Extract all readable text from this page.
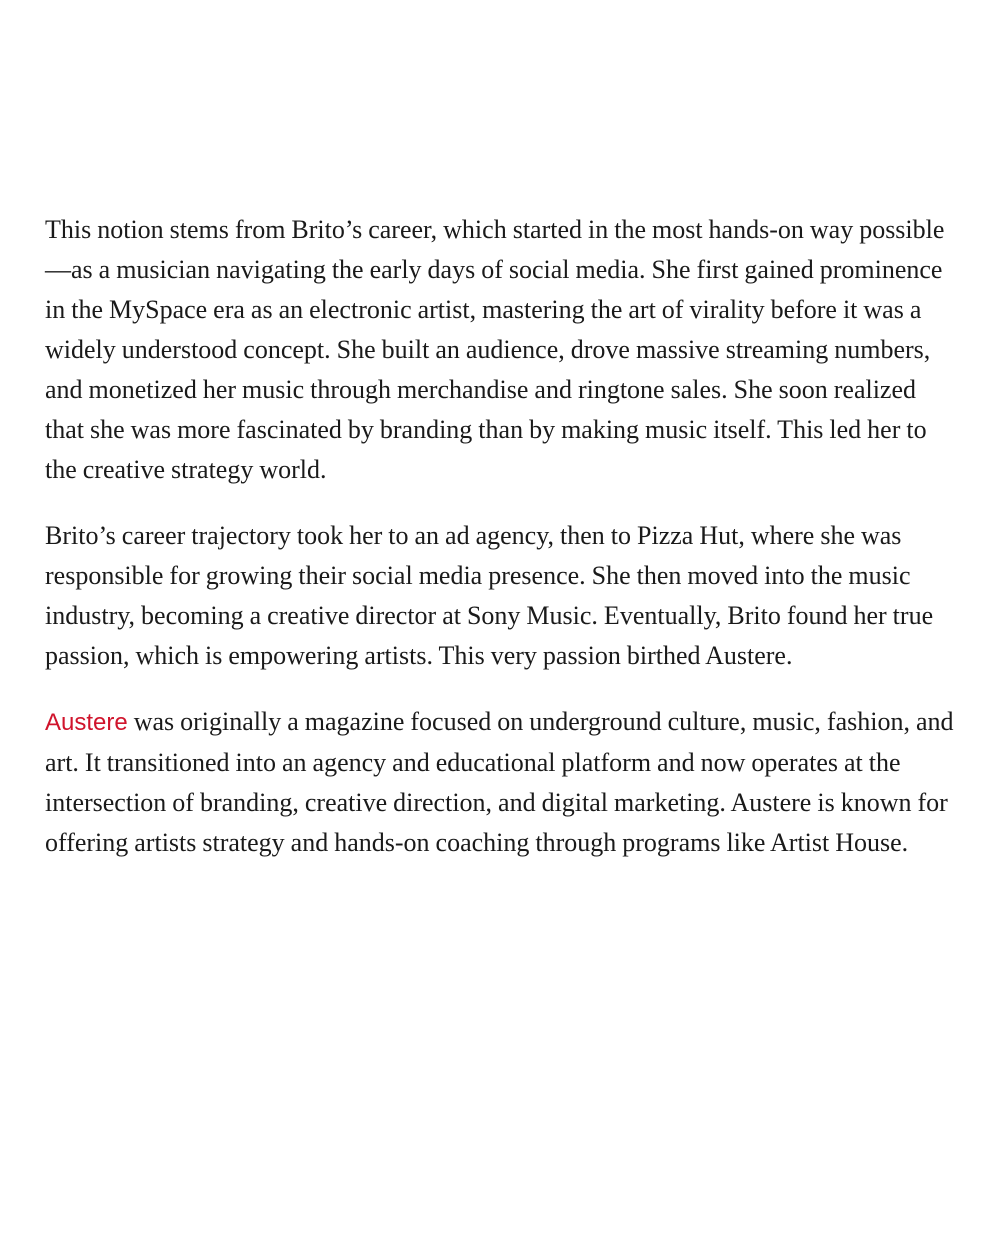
This notion stems from Brito’s career, which started in the most hands-on way possible—as a musician navigating the early days of social media. She first gained prominence in the MySpace era as an electronic artist, mastering the art of virality before it was a widely understood concept. She built an audience, drove massive streaming numbers, and monetized her music through merchandise and ringtone sales. She soon realized that she was more fascinated by branding than by making music itself. This led her to the creative strategy world.

Brito’s career trajectory took her to an ad agency, then to Pizza Hut, where she was responsible for growing their social media presence. She then moved into the music industry, becoming a creative director at Sony Music. Eventually, Brito found her true passion, which is empowering artists. This very passion birthed Austere.

Austere was originally a magazine focused on underground culture, music, fashion, and art. It transitioned into an agency and educational platform and now operates at the intersection of branding, creative direction, and digital marketing. Austere is known for offering artists strategy and hands-on coaching through programs like Artist House.
